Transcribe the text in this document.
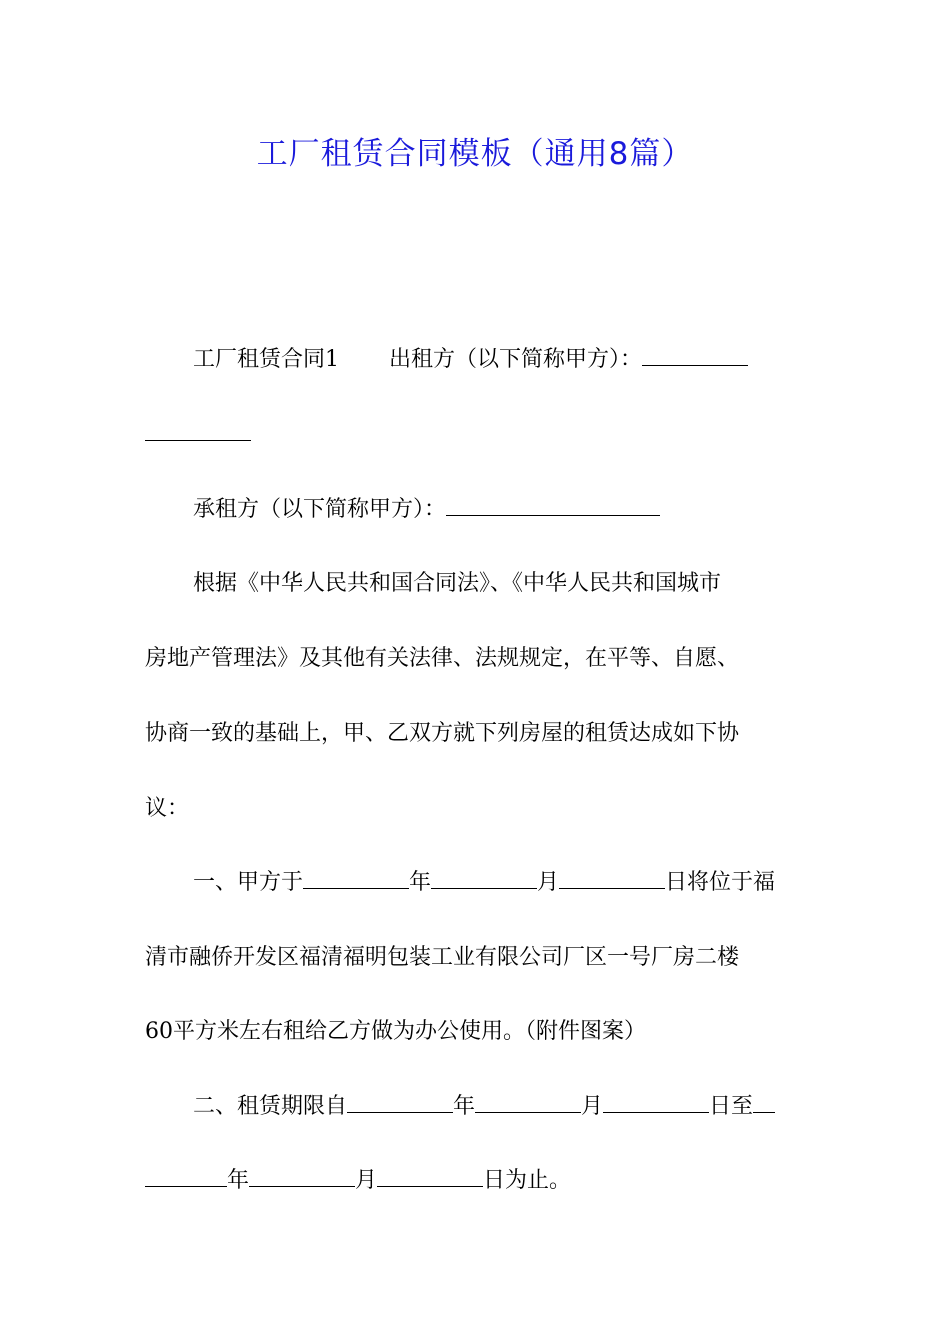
工厂租赁合同模板（通用8篇）

工厂租赁合同1 出租方（以下简称甲方）：

承租方（以下简称甲方）：

根据《中华人民共和国合同法》、《中华人民共和国城市

房地产管理法》及其他有关法律、法规规定，在平等、自愿、

协商一致的基础上，甲、乙双方就下列房屋的租赁达成如下协

议：

一、甲方于	年	月	日将位于福

清市融侨开发区福清福明包装工业有限公司厂区一号厂房二楼

60平方米左右租给乙方做为办公使用。（附件图案）

二、租赁期限自	年	月	日至

年	月	日为止。
